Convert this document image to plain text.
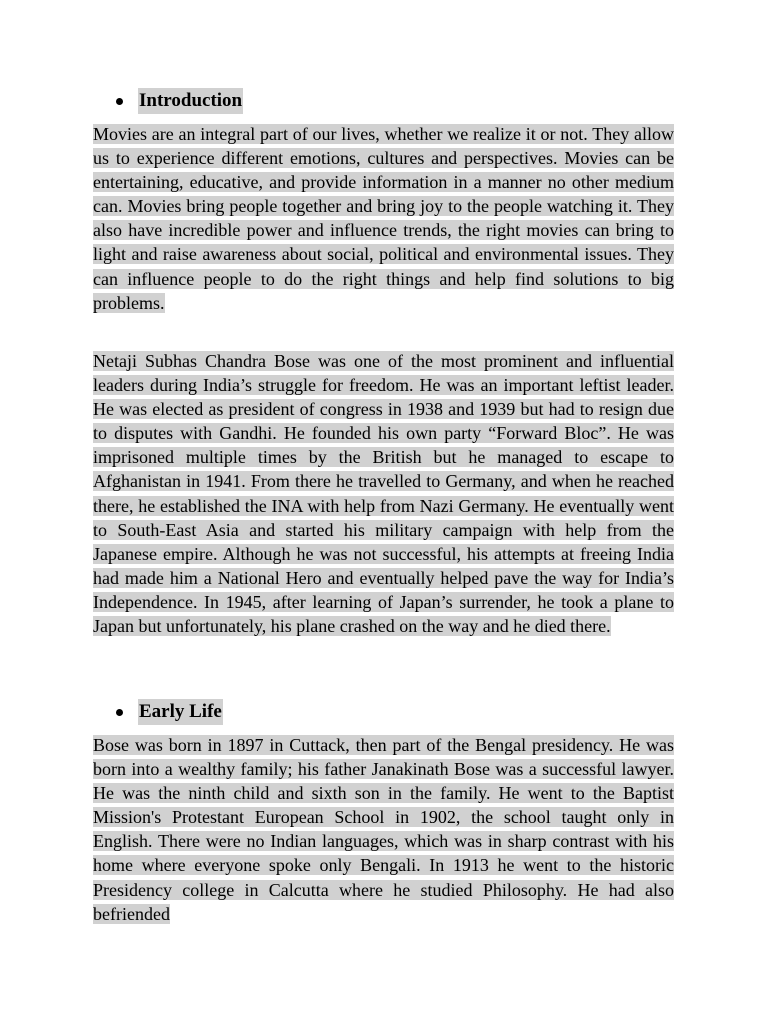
Introduction

Movies are an integral part of our lives, whether we realize it or not. They allow us to experience different emotions, cultures and perspectives. Movies can be entertaining, educative, and provide information in a manner no other medium can. Movies bring people together and bring joy to the people watching it. They also have incredible power and influence trends, the right movies can bring to light and raise awareness about social, political and environmental issues. They can influence people to do the right things and help find solutions to big problems.

Netaji Subhas Chandra Bose was one of the most prominent and influential leaders during India’s struggle for freedom. He was an important leftist leader. He was elected as president of congress in 1938 and 1939 but had to resign due to disputes with Gandhi. He founded his own party “Forward Bloc”. He was imprisoned multiple times by the British but he managed to escape to Afghanistan in 1941. From there he travelled to Germany, and when he reached there, he established the INA with help from Nazi Germany. He eventually went to South-East Asia and started his military campaign with help from the Japanese empire. Although he was not successful, his attempts at freeing India had made him a National Hero and eventually helped pave the way for India’s Independence. In 1945, after learning of Japan’s surrender, he took a plane to Japan but unfortunately, his plane crashed on the way and he died there.

Early Life

Bose was born in 1897 in Cuttack, then part of the Bengal presidency. He was born into a wealthy family; his father Janakinath Bose was a successful lawyer. He was the ninth child and sixth son in the family. He went to the Baptist Mission's Protestant European School in 1902, the school taught only in English. There were no Indian languages, which was in sharp contrast with his home where everyone spoke only Bengali. In 1913 he went to the historic Presidency college in Calcutta where he studied Philosophy. He had also befriended
